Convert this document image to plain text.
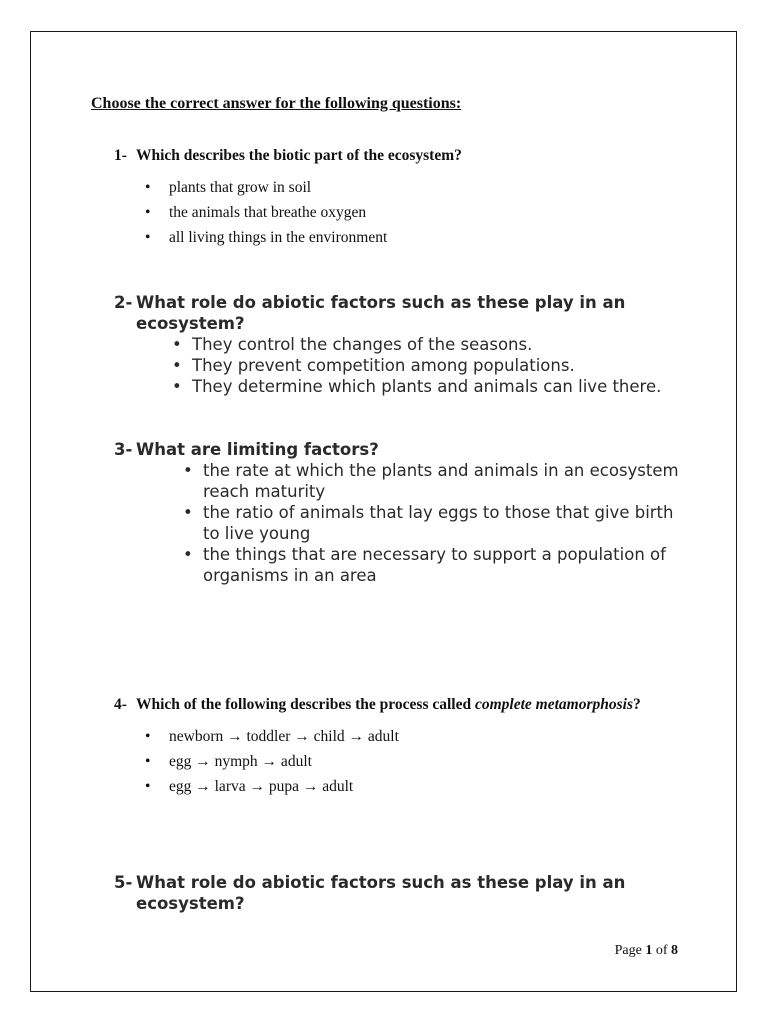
Choose the correct answer for the following questions:
1- Which describes the biotic part of the ecosystem?
• plants that grow in soil
• the animals that breathe oxygen
• all living things in the environment
2- What role do abiotic factors such as these play in an ecosystem?
• They control the changes of the seasons.
• They prevent competition among populations.
• They determine which plants and animals can live there.
3- What are limiting factors?
• the rate at which the plants and animals in an ecosystem reach maturity
• the ratio of animals that lay eggs to those that give birth to live young
• the things that are necessary to support a population of organisms in an area
4- Which of the following describes the process called complete metamorphosis?
• newborn → toddler → child → adult
• egg → nymph → adult
• egg → larva → pupa → adult
5- What role do abiotic factors such as these play in an ecosystem?
Page 1 of 8
